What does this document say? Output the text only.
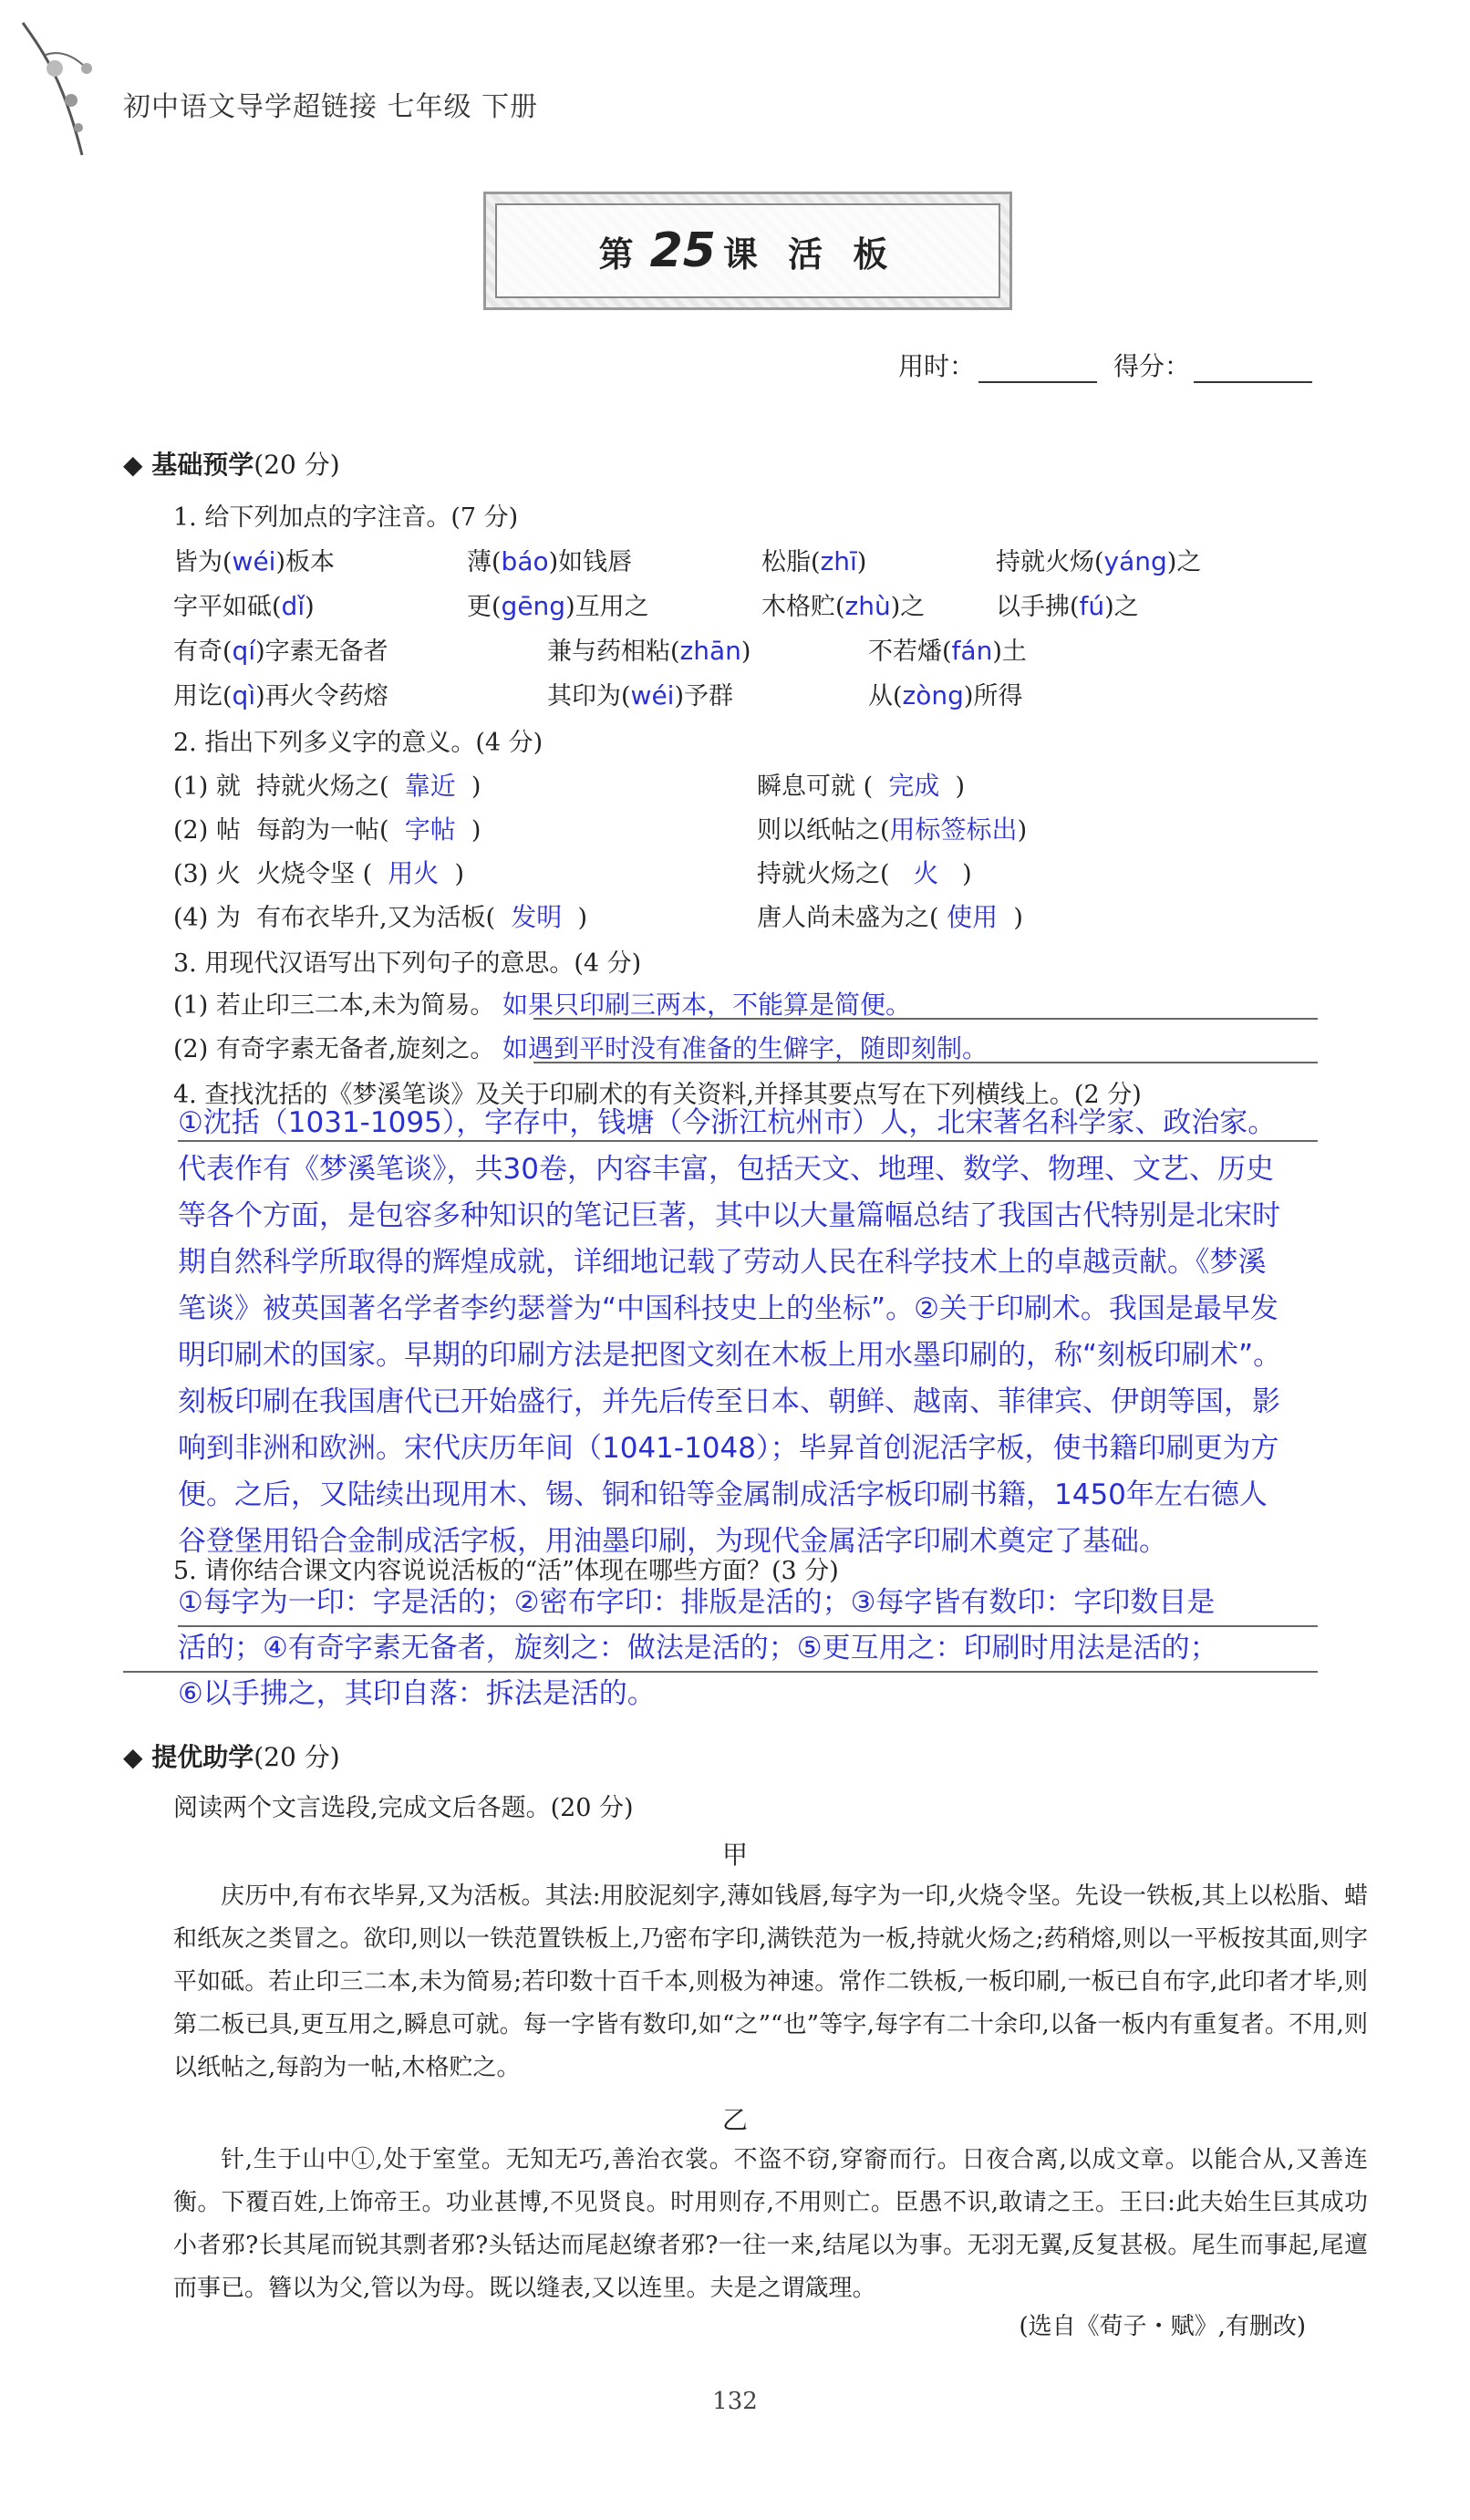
初中语文导学超链接 七年级 下册
第 25 课 活 板
用时：	得分：
◆ 基础预学(20 分)
1. 给下列加点的字注音。(7 分)
皆为(wéi)板本	薄(báo)如钱唇	松脂(zhī)	持就火炀(yáng)之
字平如砥(dǐ)	更(gēng)互用之	木格贮(zhù)之	以手拂(fú)之
有奇(qí)字素无备者	兼与药相粘(zhān)	不若燔(fán)土
用讫(qì)再火令药熔	其印为(wéi)予群	从(zòng)所得
2. 指出下列多义字的意义。(4 分)
(1) 就 持就火炀之( 靠近 )	瞬息可就 ( 完成 )
(2) 帖 每韵为一帖( 字帖 )	则以纸帖之(用标签标出)
(3) 火 火烧令坚 ( 用火 )	持就火炀之( 火 )
(4) 为 有布衣毕升,又为活板( 发明 )	唐人尚未盛为之( 使用 )
3. 用现代汉语写出下列句子的意思。(4 分)
(1) 若止印三二本,未为简易。 如果只印刷三两本，不能算是简便。
(2) 有奇字素无备者,旋刻之。 如遇到平时没有准备的生僻字，随即刻制。
4. 查找沈括的《梦溪笔谈》及关于印刷术的有关资料,并择其要点写在下列横线上。(2 分)
①沈括（1031-1095），字存中，钱塘（今浙江杭州市）人，北宋著名科学家、政治家。
代表作有《梦溪笔谈》，共30卷，内容丰富，包括天文、地理、数学、物理、文艺、历史
等各个方面，是包容多种知识的笔记巨著，其中以大量篇幅总结了我国古代特别是北宋时
期自然科学所取得的辉煌成就，详细地记载了劳动人民在科学技术上的卓越贡献。《梦溪
笔谈》被英国著名学者李约瑟誉为“中国科技史上的坐标”。②关于印刷术。我国是最早发
明印刷术的国家。早期的印刷方法是把图文刻在木板上用水墨印刷的，称“刻板印刷术”。
刻板印刷在我国唐代已开始盛行，并先后传至日本、朝鲜、越南、菲律宾、伊朗等国，影
响到非洲和欧洲。宋代庆历年间（1041-1048）；毕昇首创泥活字板，使书籍印刷更为方
便。之后，又陆续出现用木、锡、铜和铅等金属制成活字板印刷书籍，1450年左右德人
谷登堡用铅合金制成活字板，用油墨印刷，为现代金属活字印刷术奠定了基础。
5. 请你结合课文内容说说活板的“活”体现在哪些方面？(3 分)
①每字为一印：字是活的；②密布字印：排版是活的；③每字皆有数印：字印数目是
活的；④有奇字素无备者，旋刻之：做法是活的；⑤更互用之：印刷时用法是活的；
⑥以手拂之，其印自落：拆法是活的。
◆ 提优助学(20 分)
阅读两个文言选段,完成文后各题。(20 分)
甲
庆历中,有布衣毕昇,又为活板。其法:用胶泥刻字,薄如钱唇,每字为一印,火烧令坚。先设一铁板,其上以松脂、蜡和纸灰之类冒之。欲印,则以一铁范置铁板上,乃密布字印,满铁范为一板,持就火炀之;药稍熔,则以一平板按其面,则字平如砥。若止印三二本,未为简易;若印数十百千本,则极为神速。常作二铁板,一板印刷,一板已自布字,此印者才毕,则第二板已具,更互用之,瞬息可就。每一字皆有数印,如“之”“也”等字,每字有二十余印,以备一板内有重复者。不用,则以纸帖之,每韵为一帖,木格贮之。
乙
针,生于山中①,处于室堂。无知无巧,善治衣裳。不盗不窃,穿窬而行。日夜合离,以成文章。以能合从,又善连衡。下覆百姓,上饰帝王。功业甚博,不见贤良。时用则存,不用则亡。臣愚不识,敢请之王。王曰:此夫始生巨其成功小者邪?长其尾而锐其剽者邪?头铦达而尾赵缭者邪?一往一来,结尾以为事。无羽无翼,反复甚极。尾生而事起,尾邅而事已。簪以为父,管以为母。既以缝表,又以连里。夫是之谓箴理。
(选自《荀子・赋》,有删改)
132
